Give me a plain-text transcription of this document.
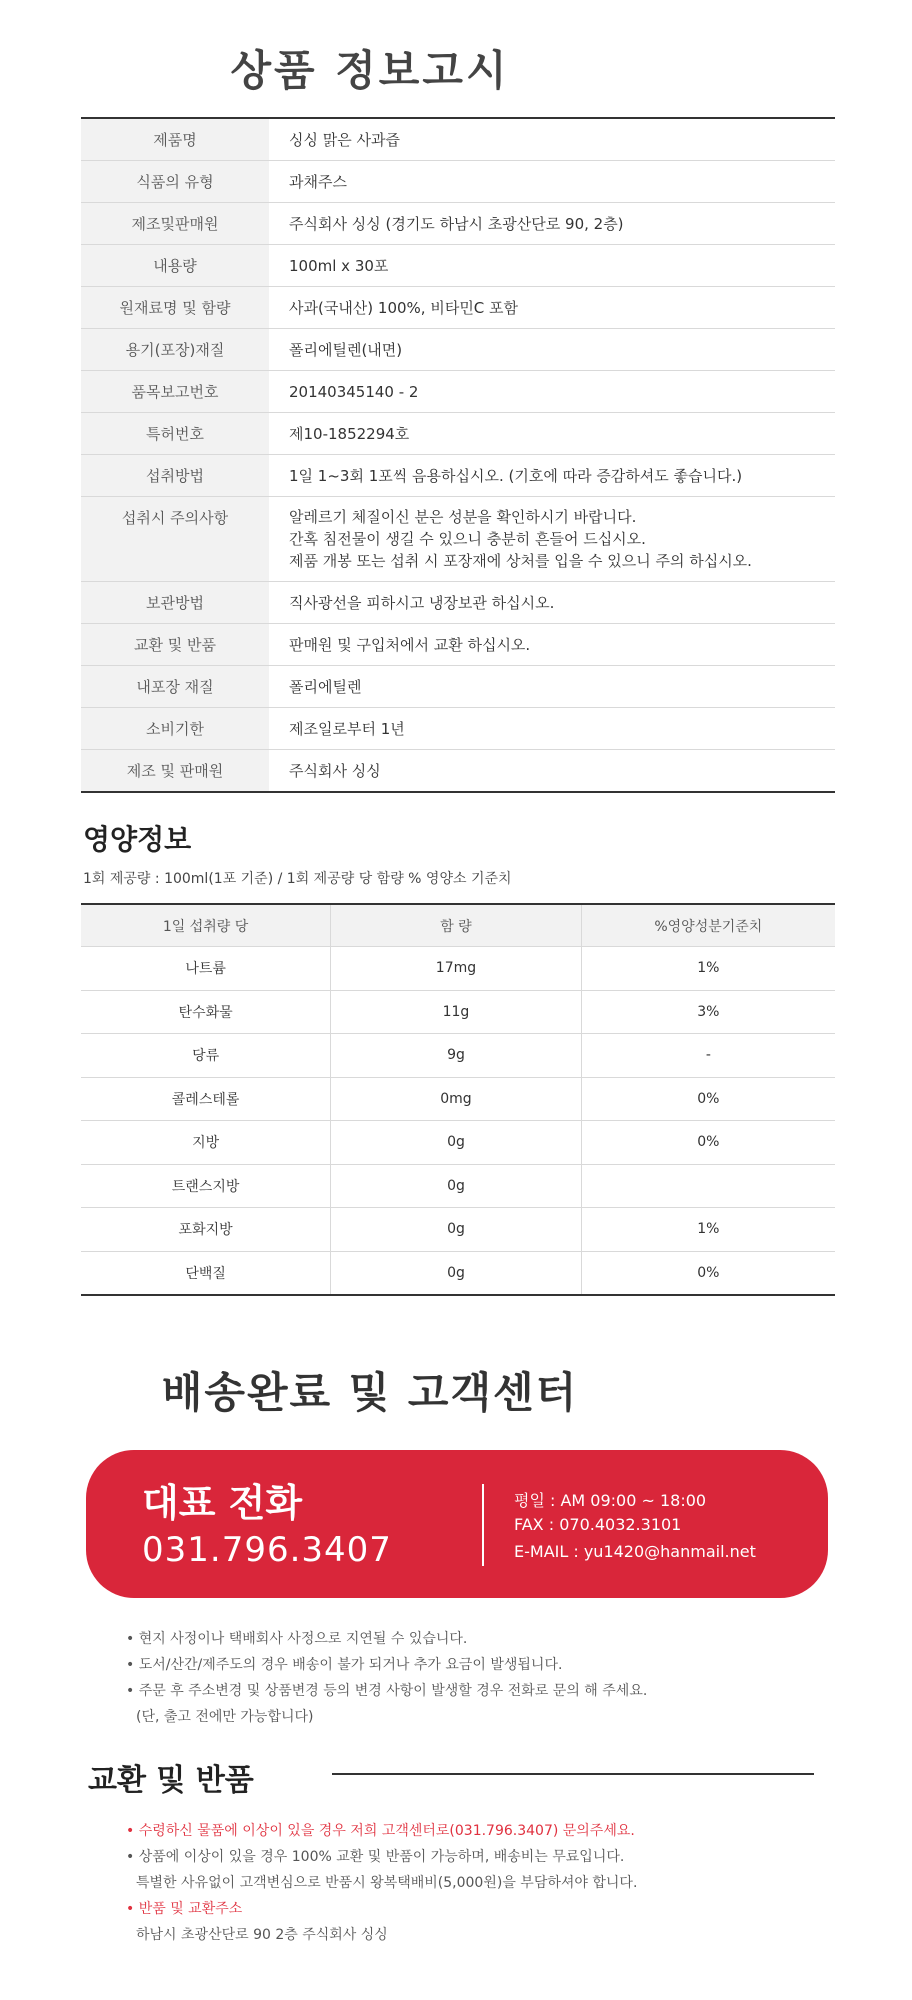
상품 정보고시
제품명	싱싱 맑은 사과즙
식품의 유형	과채주스
제조및판매원	주식회사 싱싱 (경기도 하남시 초광산단로 90, 2층)
내용량	100ml x 30포
원재료명 및 함량	사과(국내산) 100%, 비타민C 포함
용기(포장)재질	폴리에틸렌(내면)
품목보고번호	20140345140 - 2
특허번호	제10-1852294호
섭취방법	1일 1~3회 1포씩 음용하십시오. (기호에 따라 증감하셔도 좋습니다.)
섭취시 주의사항	알레르기 체질이신 분은 성분을 확인하시기 바랍니다.
간혹 침전물이 생길 수 있으니 충분히 흔들어 드십시오.
제품 개봉 또는 섭취 시 포장재에 상처를 입을 수 있으니 주의 하십시오.
보관방법	직사광선을 피하시고 냉장보관 하십시오.
교환 및 반품	판매원 및 구입처에서 교환 하십시오.
내포장 재질	폴리에틸렌
소비기한	제조일로부터 1년
제조 및 판매원	주식회사 싱싱
영양정보
1회 제공량 : 100ml(1포 기준) / 1회 제공량 당 함량 % 영양소 기준치
1일 섭취량 당	함 량	%영양성분기준치
나트륨	17mg	1%
탄수화물	11g	3%
당류	9g	-
콜레스테롤	0mg	0%
지방	0g	0%
트랜스지방	0g	
포화지방	0g	1%
단백질	0g	0%
배송완료 및 고객센터
대표 전화
031.796.3407
평일 : AM 09:00 ~ 18:00
FAX : 070.4032.3101
E-MAIL : yu1420@hanmail.net
• 현지 사정이나 택배회사 사정으로 지연될 수 있습니다.
• 도서/산간/제주도의 경우 배송이 불가 되거나 추가 요금이 발생됩니다.
• 주문 후 주소변경 및 상품변경 등의 변경 사항이 발생할 경우 전화로 문의 해 주세요.
(단, 출고 전에만 가능합니다)
교환 및 반품
• 수령하신 물품에 이상이 있을 경우 저희 고객센터로(031.796.3407) 문의주세요.
• 상품에 이상이 있을 경우 100% 교환 및 반품이 가능하며, 배송비는 무료입니다.
특별한 사유없이 고객변심으로 반품시 왕복택배비(5,000원)을 부담하셔야 합니다.
• 반품 및 교환주소
하남시 초광산단로 90 2층 주식회사 싱싱
